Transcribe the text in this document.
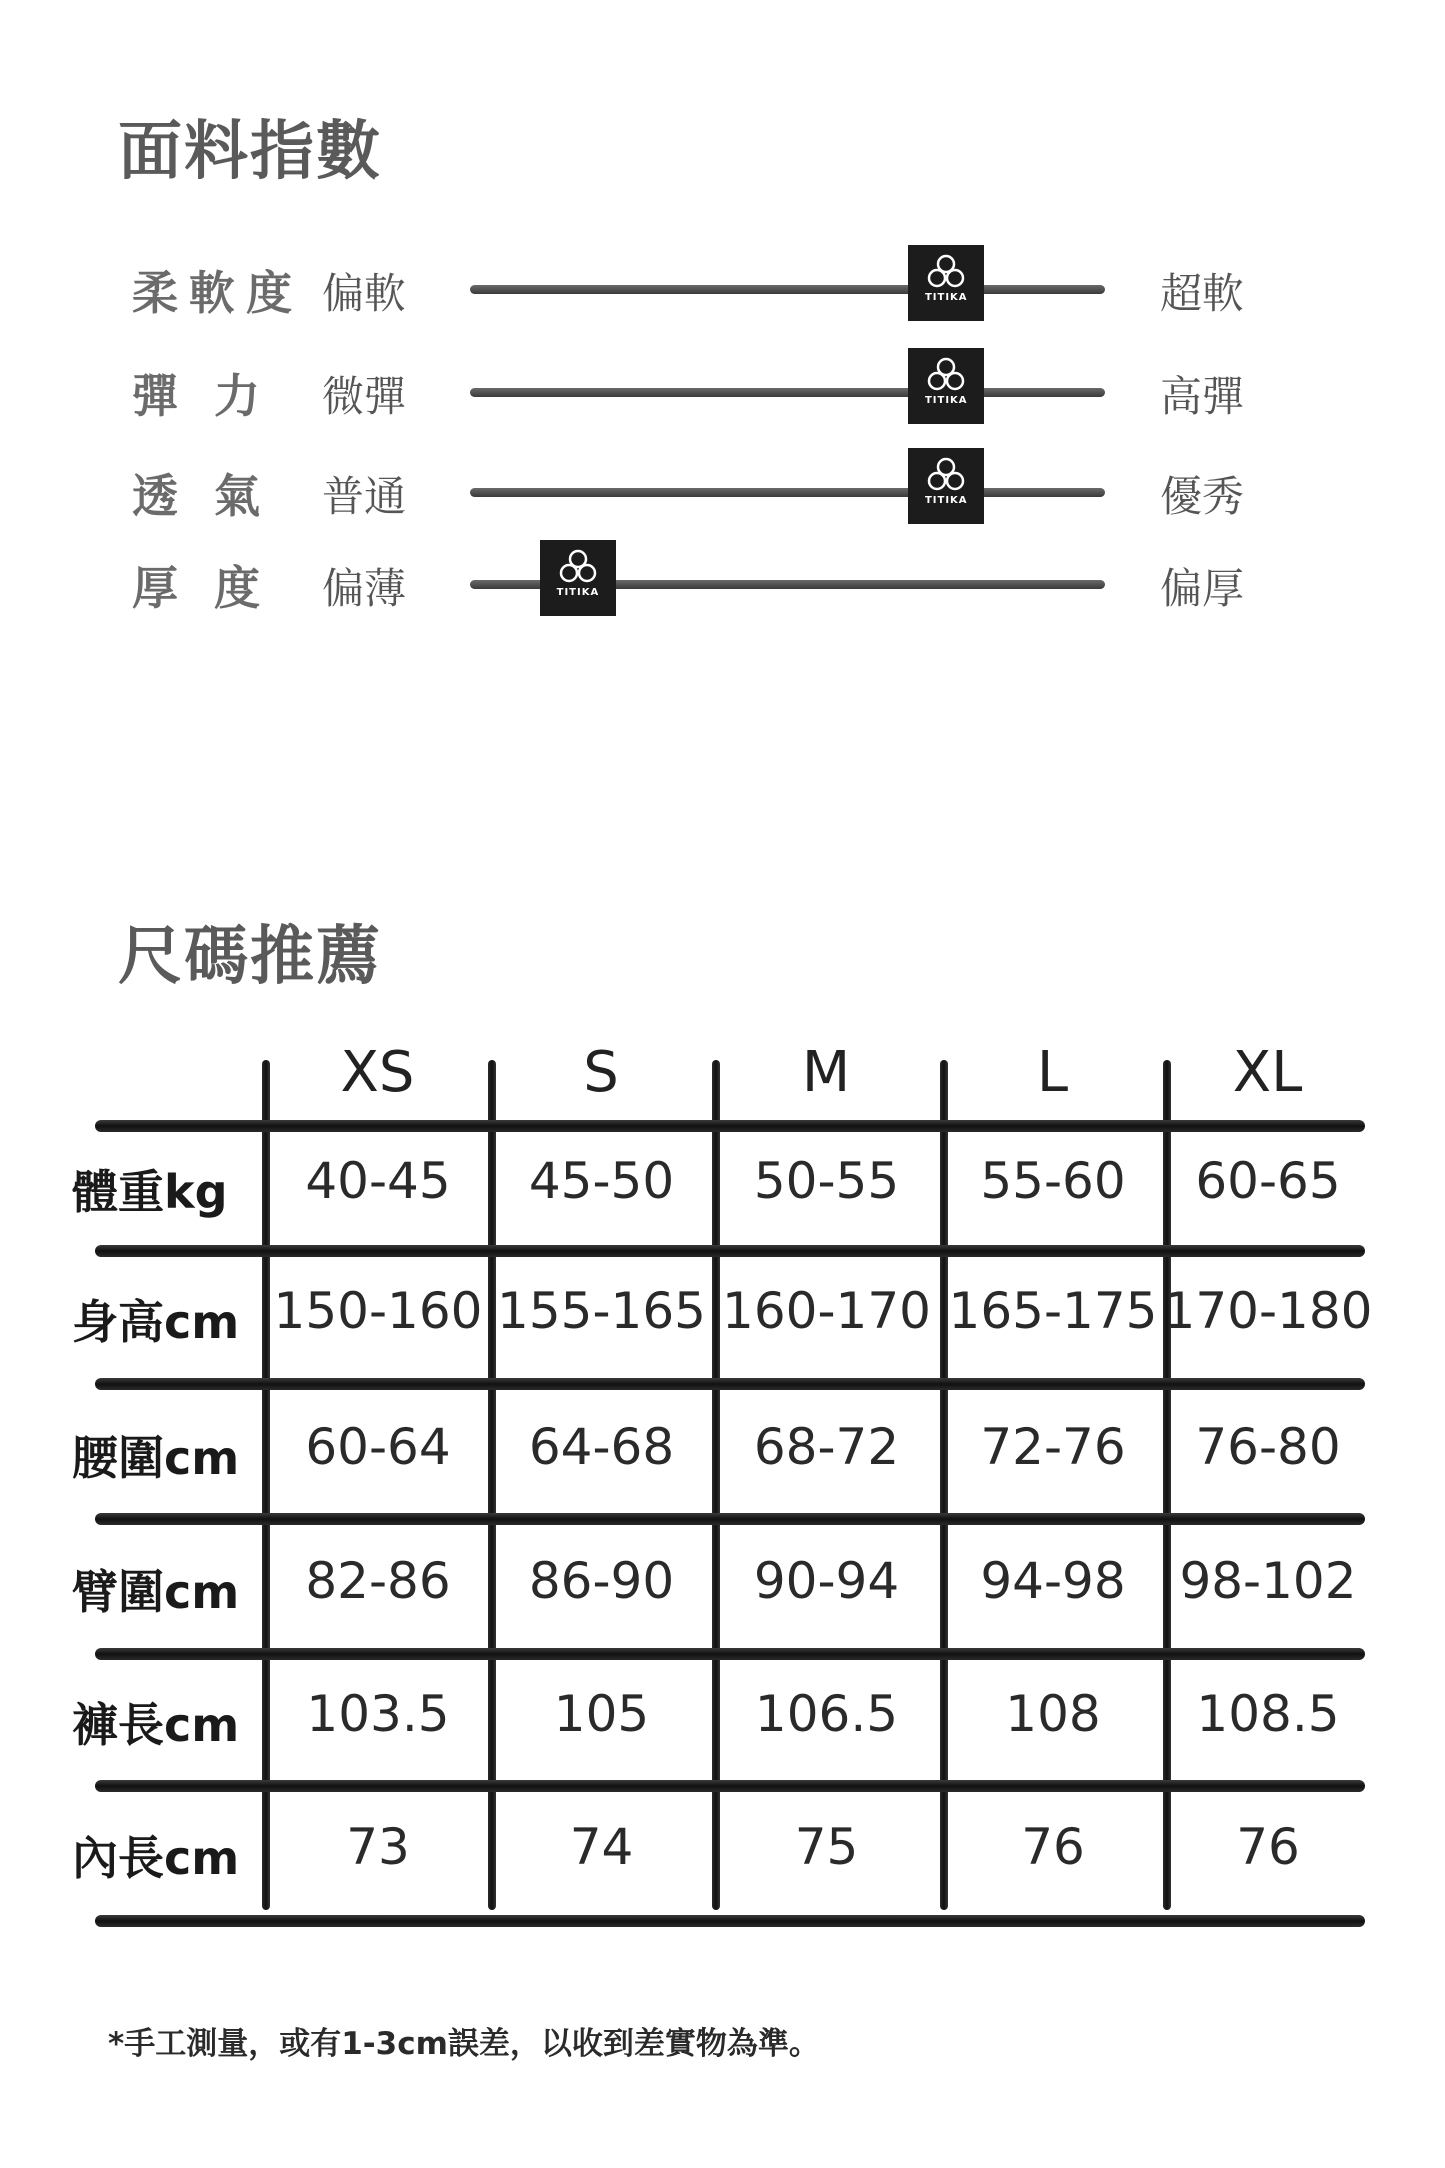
面料指數
柔 軟 度 偏軟	TITIKA	超軟
彈 力 微彈	TITIKA	高彈
透 氣 普通	TITIKA	優秀
厚 度 偏薄	TITIKA	偏厚
尺碼推薦
XS	S	M	L	XL
體重kg	40-45	45-50	50-55	55-60	60-65
身高cm 150-160 155-165 160-170 165-175 170-180
腰圍cm	60-64	64-68	68-72	72-76	76-80
臂圍cm	82-86	86-90	90-94	94-98	98-102
褲長cm	103.5	105	106.5	108	108.5
內長cm	73	74	75	76	76
*手工測量，或有1-3cm誤差，以收到差實物為準。
